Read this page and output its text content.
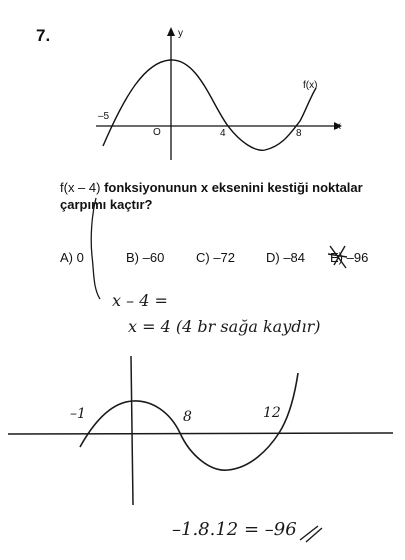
7.	y
x
O
f(x)
–5
4	8
f(x – 4) fonksiyonunun x eksenini kestiği noktalar
çarpımı kaçtır?
A) 0	B) –60 C) –72 D) –84 E) –96
x – 4 =
x = 4 (4 br sağa kaydır)
–1	8	12
–1.8.12 = –96
